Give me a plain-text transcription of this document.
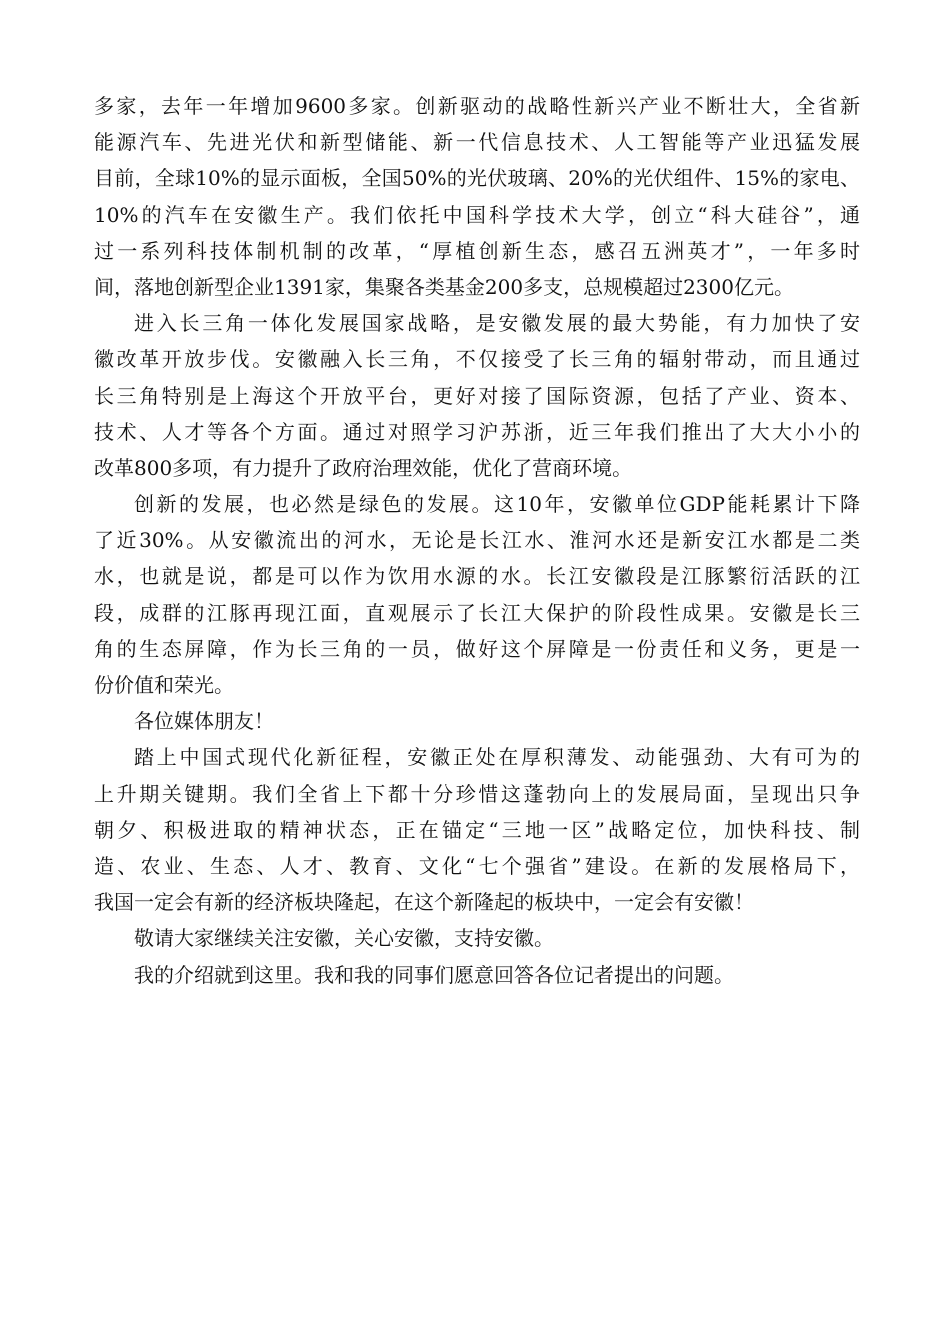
多家，去年一年增加9600多家。创新驱动的战略性新兴产业不断壮大，全省新
能源汽车、先进光伏和新型储能、新一代信息技术、人工智能等产业迅猛发展
目前，全球10%的显示面板，全国50%的光伏玻璃、20%的光伏组件、15%的家电、
10%的汽车在安徽生产。我们依托中国科学技术大学，创立“科大硅谷”，通
过一系列科技体制机制的改革，“厚植创新生态，感召五洲英才”，一年多时
间，落地创新型企业1391家，集聚各类基金200多支，总规模超过2300亿元。
进入长三角一体化发展国家战略，是安徽发展的最大势能，有力加快了安
徽改革开放步伐。安徽融入长三角，不仅接受了长三角的辐射带动，而且通过
长三角特别是上海这个开放平台，更好对接了国际资源，包括了产业、资本、
技术、人才等各个方面。通过对照学习沪苏浙，近三年我们推出了大大小小的
改革800多项，有力提升了政府治理效能，优化了营商环境。
创新的发展，也必然是绿色的发展。这10年，安徽单位GDP能耗累计下降
了近30%。从安徽流出的河水，无论是长江水、淮河水还是新安江水都是二类
水，也就是说，都是可以作为饮用水源的水。长江安徽段是江豚繁衍活跃的江
段，成群的江豚再现江面，直观展示了长江大保护的阶段性成果。安徽是长三
角的生态屏障，作为长三角的一员，做好这个屏障是一份责任和义务，更是一
份价值和荣光。
各位媒体朋友！
踏上中国式现代化新征程，安徽正处在厚积薄发、动能强劲、大有可为的
上升期关键期。我们全省上下都十分珍惜这蓬勃向上的发展局面，呈现出只争
朝夕、积极进取的精神状态，正在锚定“三地一区”战略定位，加快科技、制
造、农业、生态、人才、教育、文化“七个强省”建设。在新的发展格局下，
我国一定会有新的经济板块隆起，在这个新隆起的板块中，一定会有安徽！
敬请大家继续关注安徽，关心安徽，支持安徽。
我的介绍就到这里。我和我的同事们愿意回答各位记者提出的问题。
